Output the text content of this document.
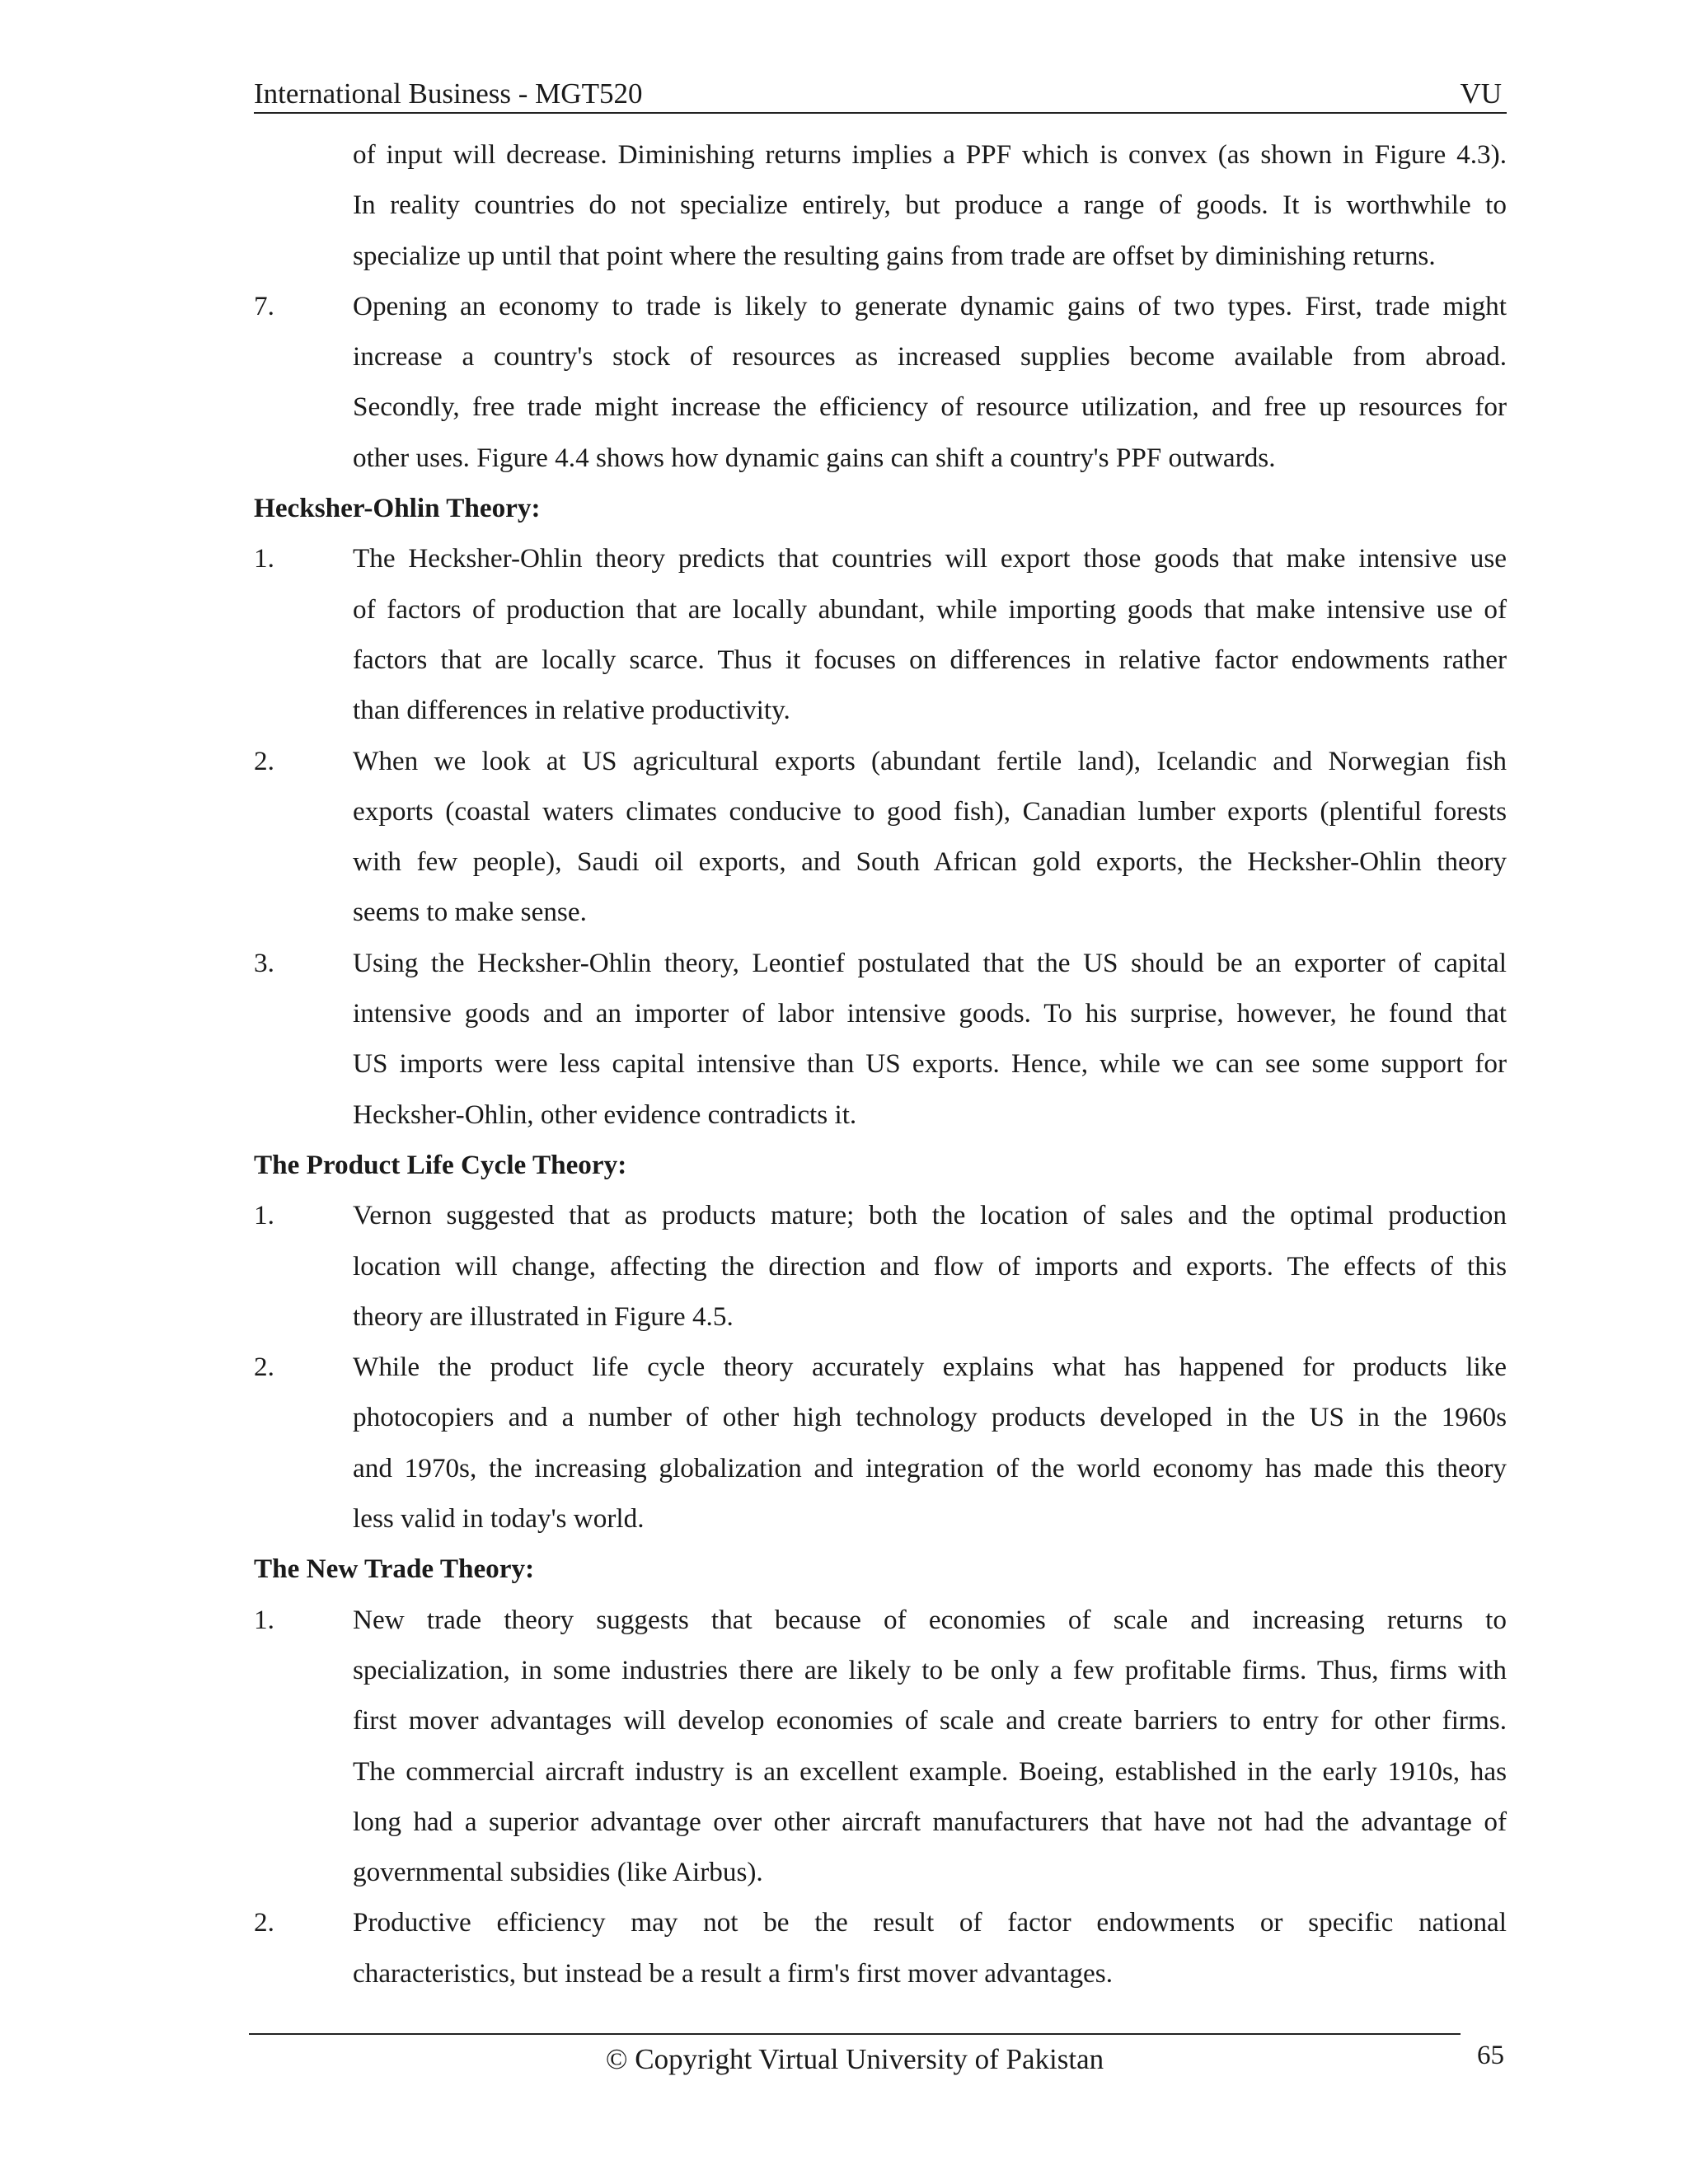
International Business - MGT520	VU
of input will decrease. Diminishing returns implies a PPF which is convex (as shown in Figure 4.3).
In reality countries do not specialize entirely, but produce a range of goods. It is worthwhile to
specialize up until that point where the resulting gains from trade are offset by diminishing returns.
7.	Opening an economy to trade is likely to generate dynamic gains of two types. First, trade might
increase a country's stock of resources as increased supplies become available from abroad.
Secondly, free trade might increase the efficiency of resource utilization, and free up resources for
other uses. Figure 4.4 shows how dynamic gains can shift a country's PPF outwards.
Hecksher-Ohlin Theory:
1.	The Hecksher-Ohlin theory predicts that countries will export those goods that make intensive use
of factors of production that are locally abundant, while importing goods that make intensive use of
factors that are locally scarce. Thus it focuses on differences in relative factor endowments rather
than differences in relative productivity.
2.	When we look at US agricultural exports (abundant fertile land), Icelandic and Norwegian fish
exports (coastal waters climates conducive to good fish), Canadian lumber exports (plentiful forests
with few people), Saudi oil exports, and South African gold exports, the Hecksher-Ohlin theory
seems to make sense.
3.	Using the Hecksher-Ohlin theory, Leontief postulated that the US should be an exporter of capital
intensive goods and an importer of labor intensive goods. To his surprise, however, he found that
US imports were less capital intensive than US exports. Hence, while we can see some support for
Hecksher-Ohlin, other evidence contradicts it.
The Product Life Cycle Theory:
1.	Vernon suggested that as products mature; both the location of sales and the optimal production
location will change, affecting the direction and flow of imports and exports. The effects of this
theory are illustrated in Figure 4.5.
2.	While the product life cycle theory accurately explains what has happened for products like
photocopiers and a number of other high technology products developed in the US in the 1960s
and 1970s, the increasing globalization and integration of the world economy has made this theory
less valid in today's world.
The New Trade Theory:
1.	New trade theory suggests that because of economies of scale and increasing returns to
specialization, in some industries there are likely to be only a few profitable firms. Thus, firms with
first mover advantages will develop economies of scale and create barriers to entry for other firms.
The commercial aircraft industry is an excellent example. Boeing, established in the early 1910s, has
long had a superior advantage over other aircraft manufacturers that have not had the advantage of
governmental subsidies (like Airbus).
2.	Productive efficiency may not be the result of factor endowments or specific national
characteristics, but instead be a result a firm's first mover advantages.
© Copyright Virtual University of Pakistan	65
